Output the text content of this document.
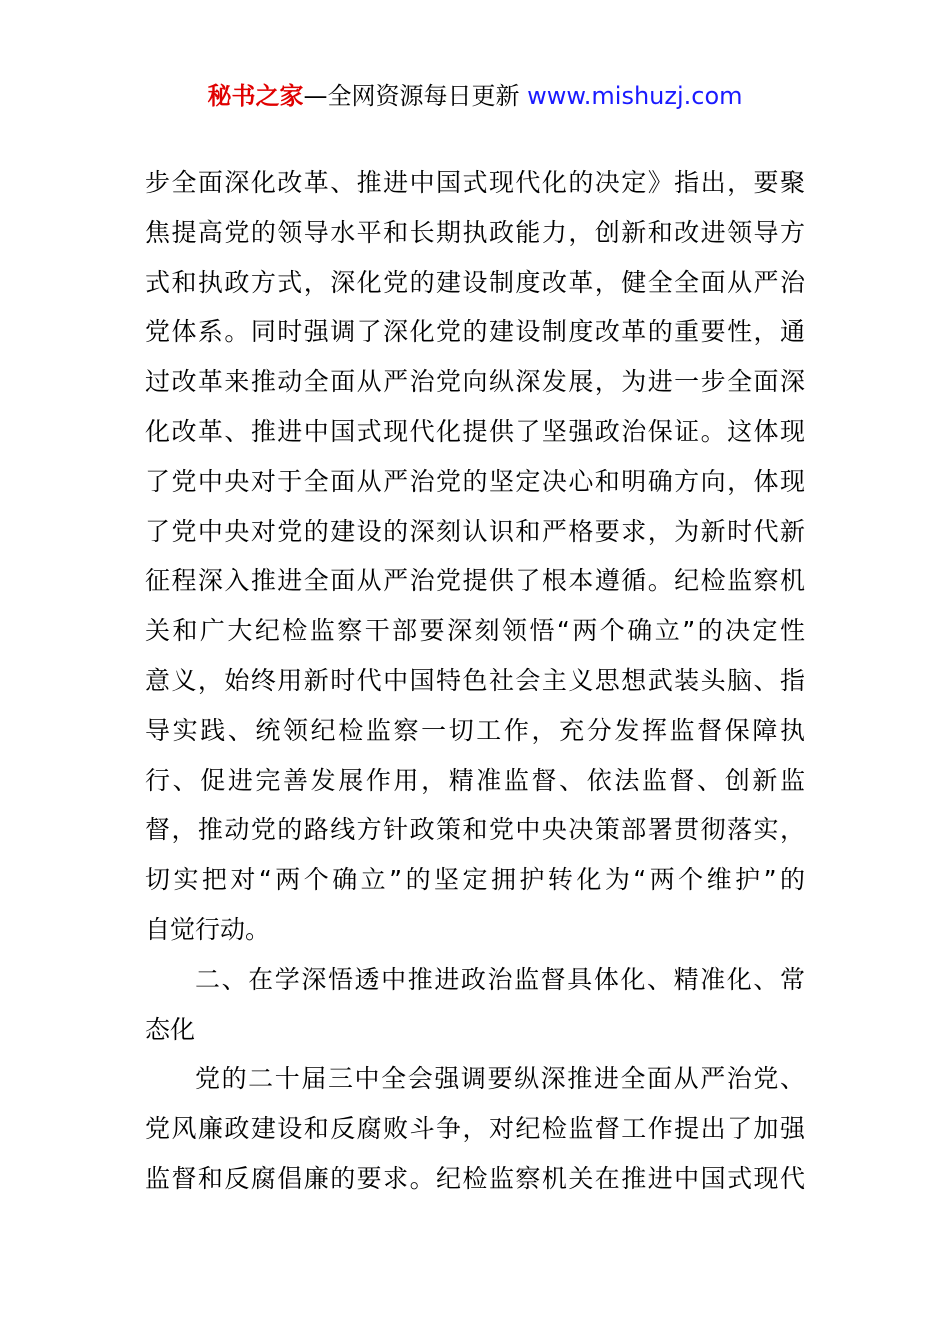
秘书之家—全网资源每日更新 www.mishuzj.com
步全面深化改革、推进中国式现代化的决定》指出，要聚
焦提高党的领导水平和长期执政能力，创新和改进领导方
式和执政方式，深化党的建设制度改革，健全全面从严治
党体系。同时强调了深化党的建设制度改革的重要性，通
过改革来推动全面从严治党向纵深发展，为进一步全面深
化改革、推进中国式现代化提供了坚强政治保证。这体现
了党中央对于全面从严治党的坚定决心和明确方向，体现
了党中央对党的建设的深刻认识和严格要求，为新时代新
征程深入推进全面从严治党提供了根本遵循。纪检监察机
关和广大纪检监察干部要深刻领悟“两个确立”的决定性
意义，始终用新时代中国特色社会主义思想武装头脑、指
导实践、统领纪检监察一切工作，充分发挥监督保障执
行、促进完善发展作用，精准监督、依法监督、创新监
督，推动党的路线方针政策和党中央决策部署贯彻落实，
切实把对“两个确立”的坚定拥护转化为“两个维护”的
自觉行动。
二、在学深悟透中推进政治监督具体化、精准化、常
态化
党的二十届三中全会强调要纵深推进全面从严治党、
党风廉政建设和反腐败斗争，对纪检监督工作提出了加强
监督和反腐倡廉的要求。纪检监察机关在推进中国式现代
